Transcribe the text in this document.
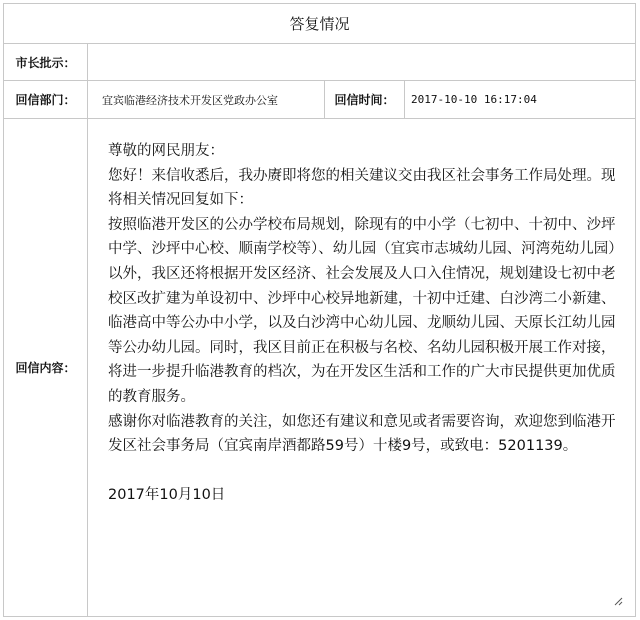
答复情况
市长批示：
回信部门：	宜宾临港经济技术开发区党政办公室	回信时间：	2017-10-10 16:17:04
回信内容：

尊敬的网民朋友：

您好！来信收悉后，我办赓即将您的相关建议交由我区社会事务工作局处理。现将相关情况回复如下：

按照临港开发区的公办学校布局规划，除现有的中小学（七初中、十初中、沙坪中学、沙坪中心校、顺南学校等）、幼儿园（宜宾市志城幼儿园、河湾苑幼儿园）以外，我区还将根据开发区经济、社会发展及人口入住情况，规划建设七初中老校区改扩建为单设初中、沙坪中心校异地新建，十初中迁建、白沙湾二小新建、临港高中等公办中小学，以及白沙湾中心幼儿园、龙顺幼儿园、天原长江幼儿园等公办幼儿园。同时，我区目前正在积极与名校、名幼儿园积极开展工作对接，将进一步提升临港教育的档次，为在开发区生活和工作的广大市民提供更加优质的教育服务。

感谢你对临港教育的关注，如您还有建议和意见或者需要咨询，欢迎您到临港开发区社会事务局（宜宾南岸酒都路59号）十楼9号，或致电：5201139。

2017年10月10日
